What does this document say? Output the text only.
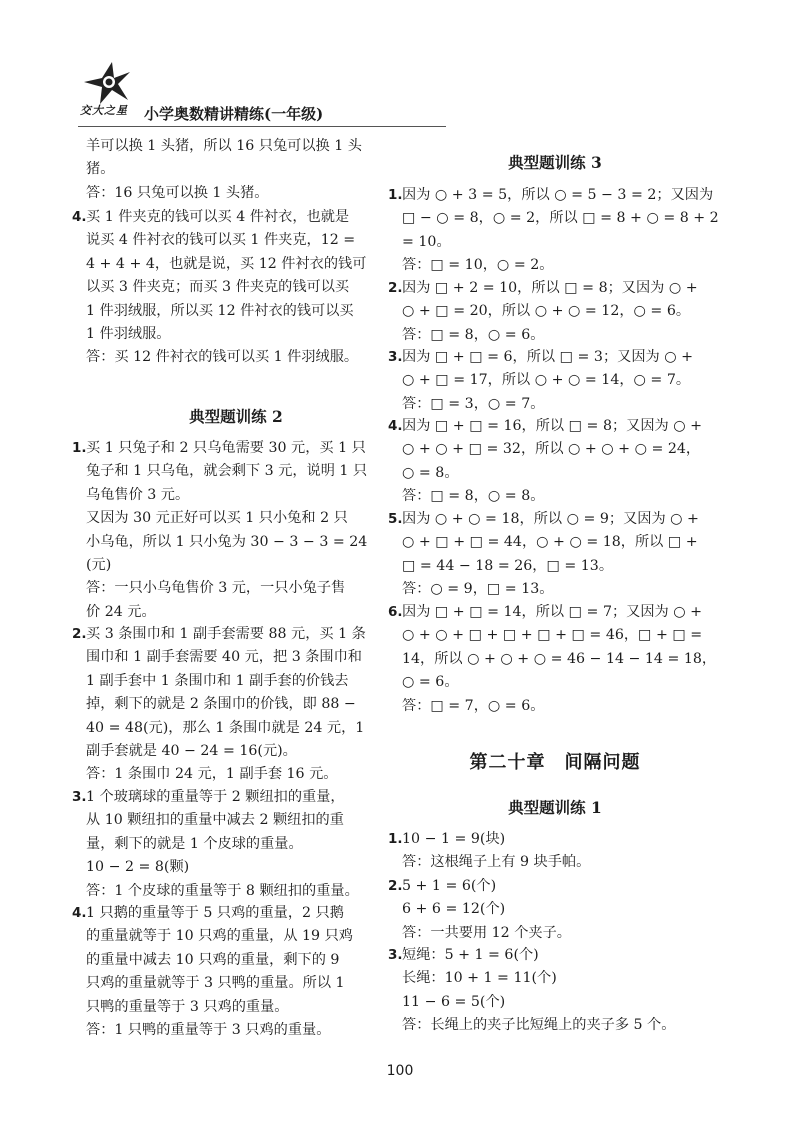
交大之星 小学奥数精讲精练(一年级)
羊可以换 1 头猪，所以 16 只兔可以换 1 头
猪。
答：16 只兔可以换 1 头猪。
4. 买 1 件夹克的钱可以买 4 件衬衣，也就是
说买 4 件衬衣的钱可以买 1 件夹克，12 =
4 + 4 + 4，也就是说，买 12 件衬衣的钱可
以买 3 件夹克；而买 3 件夹克的钱可以买
1 件羽绒服，所以买 12 件衬衣的钱可以买
1 件羽绒服。
答：买 12 件衬衣的钱可以买 1 件羽绒服。
典型题训练 2
1. 买 1 只兔子和 2 只乌龟需要 30 元，买 1 只
兔子和 1 只乌龟，就会剩下 3 元，说明 1 只
乌龟售价 3 元。
又因为 30 元正好可以买 1 只小兔和 2 只
小乌龟，所以 1 只小兔为 30 − 3 − 3 = 24
(元)
答：一只小乌龟售价 3 元，一只小兔子售
价 24 元。
2. 买 3 条围巾和 1 副手套需要 88 元，买 1 条
围巾和 1 副手套需要 40 元，把 3 条围巾和
1 副手套中 1 条围巾和 1 副手套的价钱去
掉，剩下的就是 2 条围巾的价钱，即 88 −
40 = 48(元)，那么 1 条围巾就是 24 元，1
副手套就是 40 − 24 = 16(元)。
答：1 条围巾 24 元，1 副手套 16 元。
3. 1 个玻璃球的重量等于 2 颗纽扣的重量，
从 10 颗纽扣的重量中减去 2 颗纽扣的重
量，剩下的就是 1 个皮球的重量。
10 − 2 = 8(颗)
答：1 个皮球的重量等于 8 颗纽扣的重量。
4. 1 只鹅的重量等于 5 只鸡的重量，2 只鹅
的重量就等于 10 只鸡的重量，从 19 只鸡
的重量中减去 10 只鸡的重量，剩下的 9
只鸡的重量就等于 3 只鸭的重量。所以 1
只鸭的重量等于 3 只鸡的重量。
答：1 只鸭的重量等于 3 只鸡的重量。
典型题训练 3
1. 因为 ○ + 3 = 5，所以 ○ = 5 − 3 = 2；又因为
□ − ○ = 8，○ = 2，所以 □ = 8 + ○ = 8 + 2
= 10。
答：□ = 10，○ = 2。
2. 因为 □ + 2 = 10，所以 □ = 8；又因为 ○ +
○ + □ = 20，所以 ○ + ○ = 12，○ = 6。
答：□ = 8，○ = 6。
3. 因为 □ + □ = 6，所以 □ = 3；又因为 ○ +
○ + □ = 17，所以 ○ + ○ = 14，○ = 7。
答：□ = 3，○ = 7。
4. 因为 □ + □ = 16，所以 □ = 8；又因为 ○ +
○ + ○ + □ = 32，所以 ○ + ○ + ○ = 24，
○ = 8。
答：□ = 8，○ = 8。
5. 因为 ○ + ○ = 18，所以 ○ = 9；又因为 ○ +
○ + □ + □ = 44，○ + ○ = 18，所以 □ +
□ = 44 − 18 = 26，□ = 13。
答：○ = 9，□ = 13。
6. 因为 □ + □ = 14，所以 □ = 7；又因为 ○ +
○ + ○ + □ + □ + □ + □ = 46，□ + □ =
14，所以 ○ + ○ + ○ = 46 − 14 − 14 = 18，
○ = 6。
答：□ = 7，○ = 6。
第二十章　间隔问题
典型题训练 1
1. 10 − 1 = 9(块)
答：这根绳子上有 9 块手帕。
2. 5 + 1 = 6(个)
6 + 6 = 12(个)
答：一共要用 12 个夹子。
3. 短绳：5 + 1 = 6(个)
长绳：10 + 1 = 11(个)
11 − 6 = 5(个)
答：长绳上的夹子比短绳上的夹子多 5 个。
100
